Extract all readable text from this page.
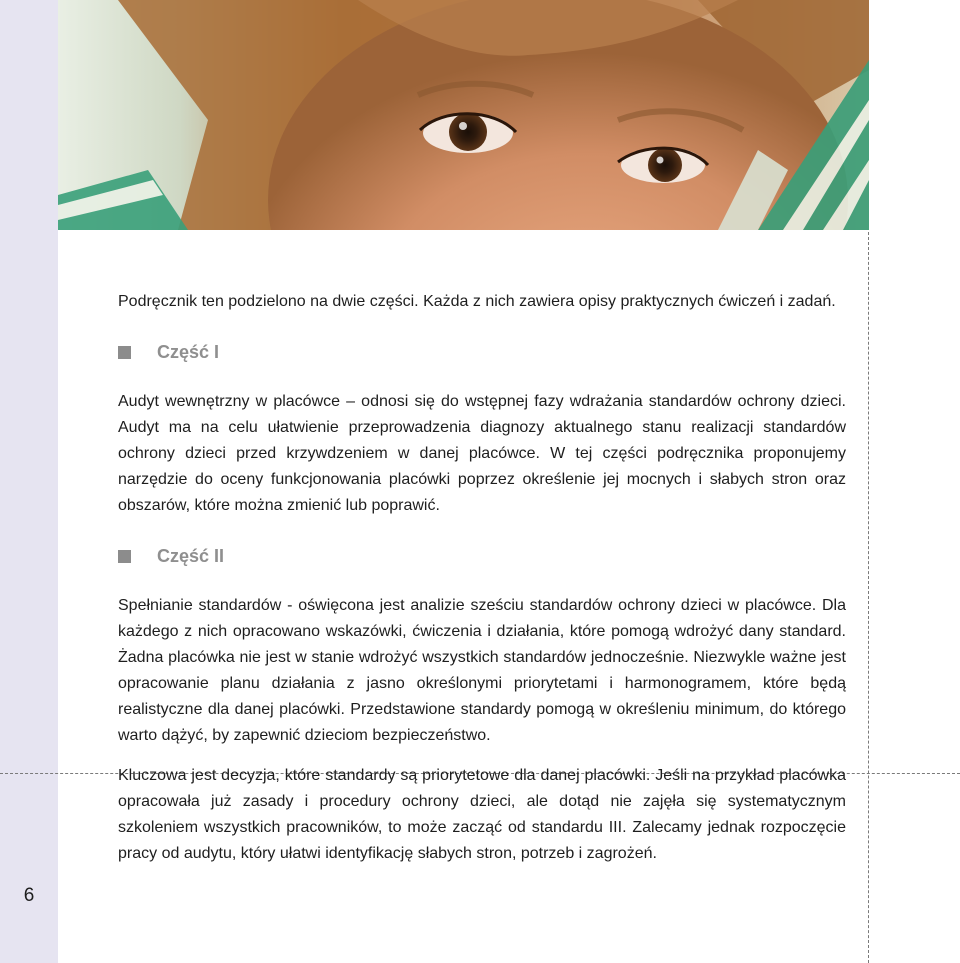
6

Podręcznik ten podzielono na dwie części. Każda z nich zawiera opisy praktycznych ćwiczeń i zadań.

Część I

Audyt wewnętrzny w placówce – odnosi się do wstępnej fazy wdrażania standardów ochrony dzieci. Audyt ma na celu ułatwienie przeprowadzenia diagnozy aktualnego stanu realizacji standardów ochrony dzieci przed krzywdzeniem w danej placówce. W tej części podręcznika proponujemy narzędzie do oceny funkcjonowania placówki poprzez określenie jej mocnych i słabych stron oraz obszarów, które można zmienić lub poprawić.

Część II

Spełnianie standardów - oświęcona jest analizie sześciu standardów ochrony dzieci w placówce. Dla każdego z nich opracowano wskazówki, ćwiczenia i działania, które pomogą wdrożyć dany standard. Żadna placówka nie jest w stanie wdrożyć wszystkich standardów jednocześnie. Niezwykle ważne jest opracowanie planu działania z jasno określonymi priorytetami i harmonogramem, które będą realistyczne dla danej placówki. Przedstawione standardy pomogą w określeniu minimum, do którego warto dążyć, by zapewnić dzieciom bezpieczeństwo.

Kluczowa jest decyzja, które standardy są priorytetowe dla danej placówki. Jeśli na przykład placówka opracowała już zasady i procedury ochrony dzieci, ale dotąd nie zajęła się systematycznym szkoleniem wszystkich pracowników, to może zacząć od standardu III. Zalecamy jednak rozpoczęcie pracy od audytu, który ułatwi identyfikację słabych stron, potrzeb i zagrożeń.
